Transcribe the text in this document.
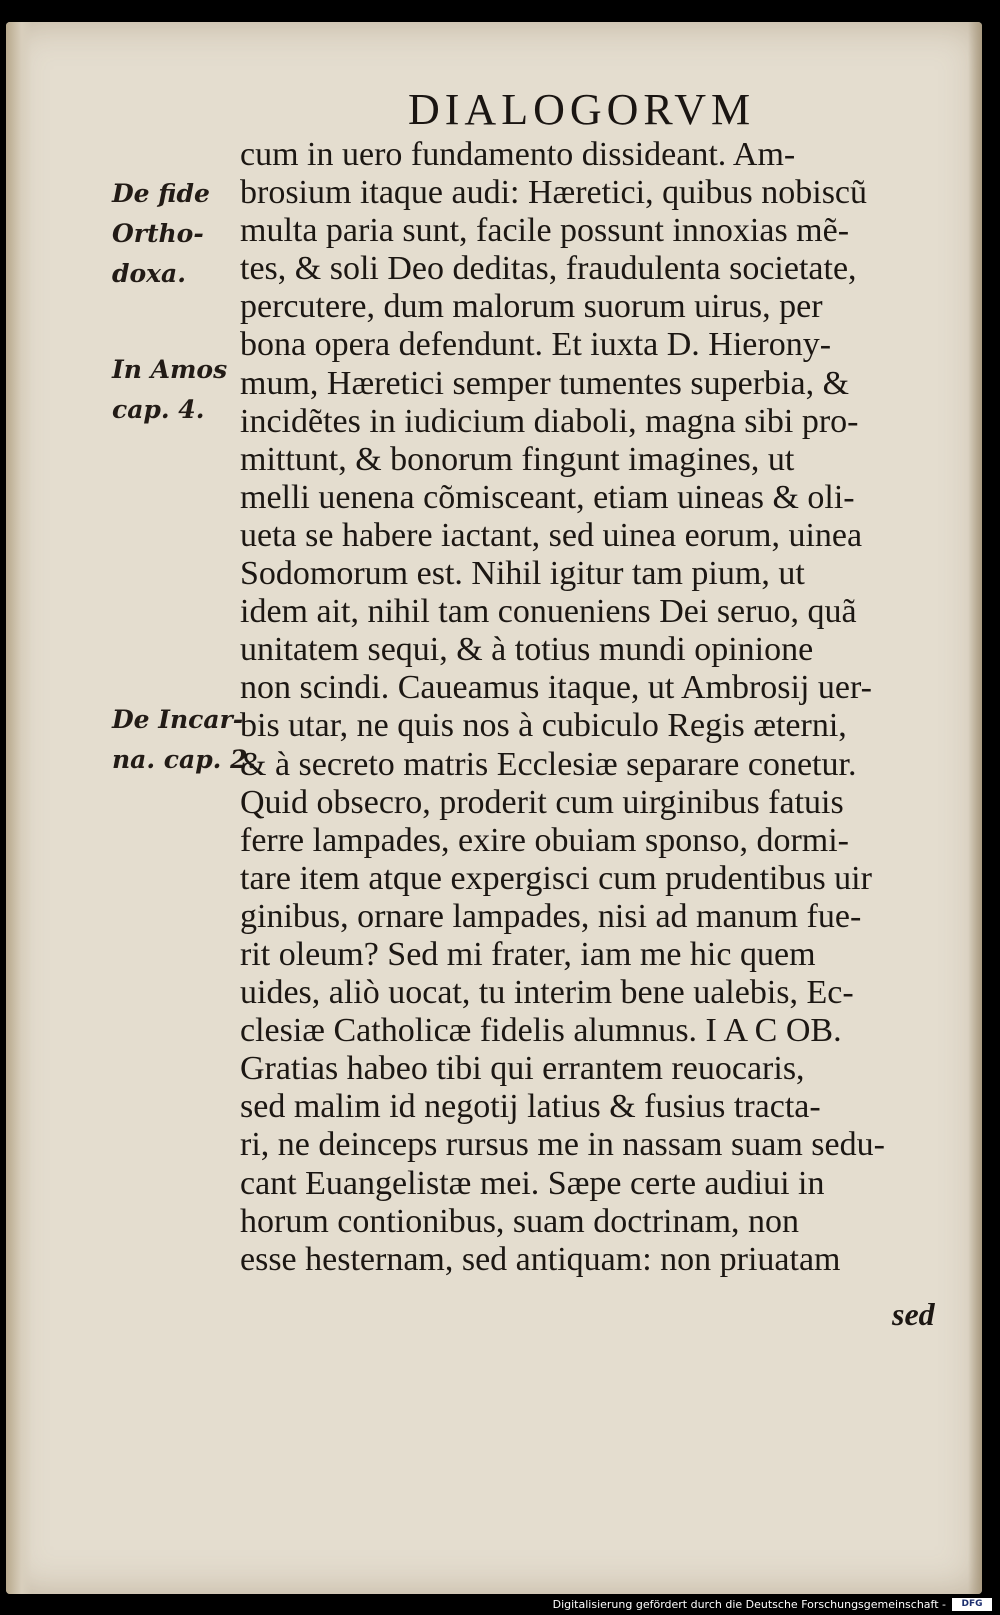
DIALOGORVM
De fide
Ortho-
doxa.
In Amos
cap. 4.
De Incar-
na. cap. 2.
cum in uero fundamento dissideant. Am-
brosium itaque audi: Hæretici, quibus nobiscũ
multa paria sunt, facile possunt innoxias mẽ-
tes, & soli Deo deditas, fraudulenta societate,
percutere, dum malorum suorum uirus, per
bona opera defendunt. Et iuxta D. Hierony-
mum, Hæretici semper tumentes superbia, &
incidẽtes in iudicium diaboli, magna sibi pro-
mittunt, & bonorum fingunt imagines, ut
melli uenena cõmisceant, etiam uineas & oli-
ueta se habere iactant, sed uinea eorum, uinea
Sodomorum est. Nihil igitur tam pium, ut
idem ait, nihil tam conueniens Dei seruo, quã
unitatem sequi, & à totius mundi opinione
non scindi. Caueamus itaque, ut Ambrosij uer-
bis utar, ne quis nos à cubiculo Regis æterni,
& à secreto matris Ecclesiæ separare conetur.
Quid obsecro, proderit cum uirginibus fatuis
ferre lampades, exire obuiam sponso, dormi-
tare item atque expergisci cum prudentibus uir
ginibus, ornare lampades, nisi ad manum fue-
rit oleum? Sed mi frater, iam me hic quem
uides, aliò uocat, tu interim bene ualebis, Ec-
clesiæ Catholicæ fidelis alumnus. I A C OB.
Gratias habeo tibi qui errantem reuocaris,
sed malim id negotij latius & fusius tracta-
ri, ne deinceps rursus me in nassam suam sedu-
cant Euangelistæ mei. Sæpe certe audiui in
horum contionibus, suam doctrinam, non
esse hesternam, sed antiquam: non priuatam
sed
Digitalisierung gefördert durch die Deutsche Forschungsgemeinschaft -	DFG
